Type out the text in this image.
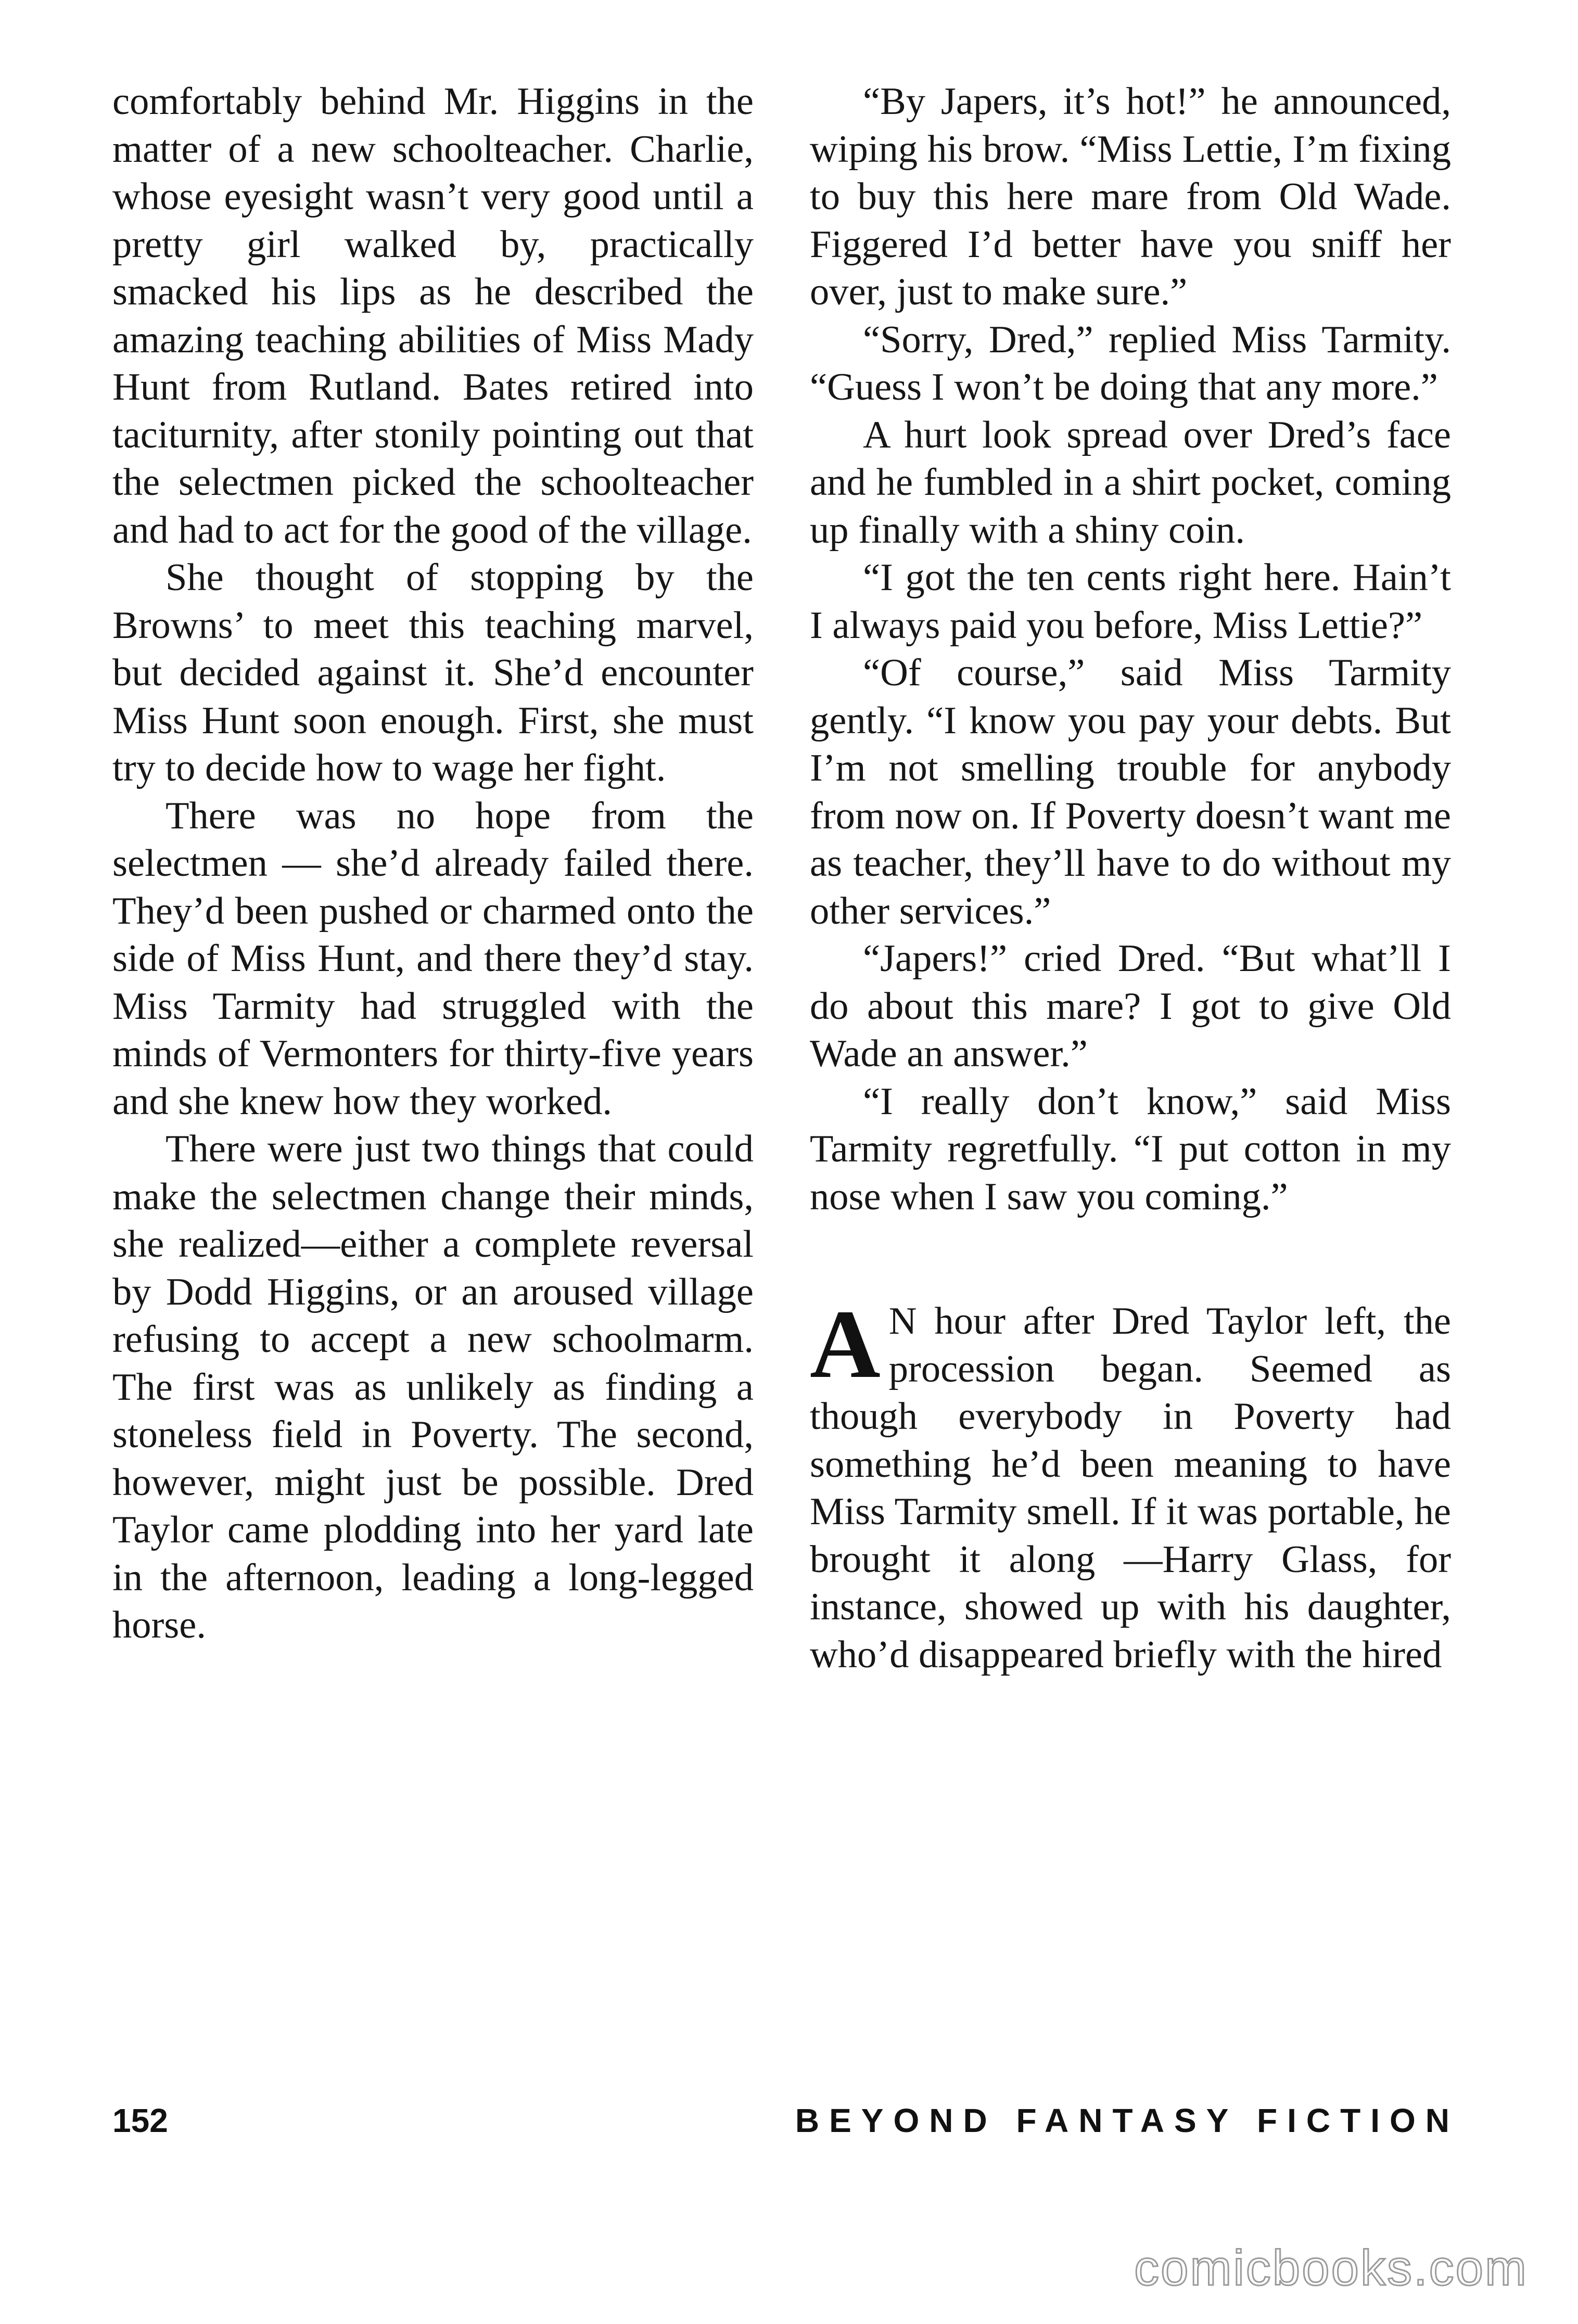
comfortably behind Mr. Higgins in the matter of a new schoolteacher. Charlie, whose eyesight wasn’t very good until a pretty girl walked by, practically smacked his lips as he described the amazing teaching abilities of Miss Mady Hunt from Rutland. Bates retired into taciturnity, after stonily pointing out that the selectmen picked the schoolteacher and had to act for the good of the village.

She thought of stopping by the Browns’ to meet this teaching marvel, but decided against it. She’d encounter Miss Hunt soon enough. First, she must try to decide how to wage her fight.

There was no hope from the selectmen — she’d already failed there. They’d been pushed or charmed onto the side of Miss Hunt, and there they’d stay. Miss Tarmity had struggled with the minds of Vermonters for thirty-five years and she knew how they worked.

There were just two things that could make the selectmen change their minds, she realized—either a complete reversal by Dodd Higgins, or an aroused village refusing to accept a new schoolmarm. The first was as unlikely as finding a stoneless field in Poverty. The second, however, might just be possible. Dred Taylor came plodding into her yard late in the afternoon, leading a long-legged horse.

“By Japers, it’s hot!” he announced, wiping his brow. “Miss Lettie, I’m fixing to buy this here mare from Old Wade. Figgered I’d better have you sniff her over, just to make sure.”

“Sorry, Dred,” replied Miss Tarmity. “Guess I won’t be doing that any more.”

A hurt look spread over Dred’s face and he fumbled in a shirt pocket, coming up finally with a shiny coin.

“I got the ten cents right here. Hain’t I always paid you before, Miss Lettie?”

“Of course,” said Miss Tarmity gently. “I know you pay your debts. But I’m not smelling trouble for anybody from now on. If Poverty doesn’t want me as teacher, they’ll have to do without my other services.”

“Japers!” cried Dred. “But what’ll I do about this mare? I got to give Old Wade an answer.”

“I really don’t know,” said Miss Tarmity regretfully. “I put cotton in my nose when I saw you coming.”

A N hour after Dred Taylor left, the procession began. Seemed as though everybody in Poverty had something he’d been meaning to have Miss Tarmity smell. If it was portable, he brought it along —Harry Glass, for instance, showed up with his daughter, who’d disappeared briefly with the hired

152	BEYOND FANTASY FICTION
comicbooks.com
